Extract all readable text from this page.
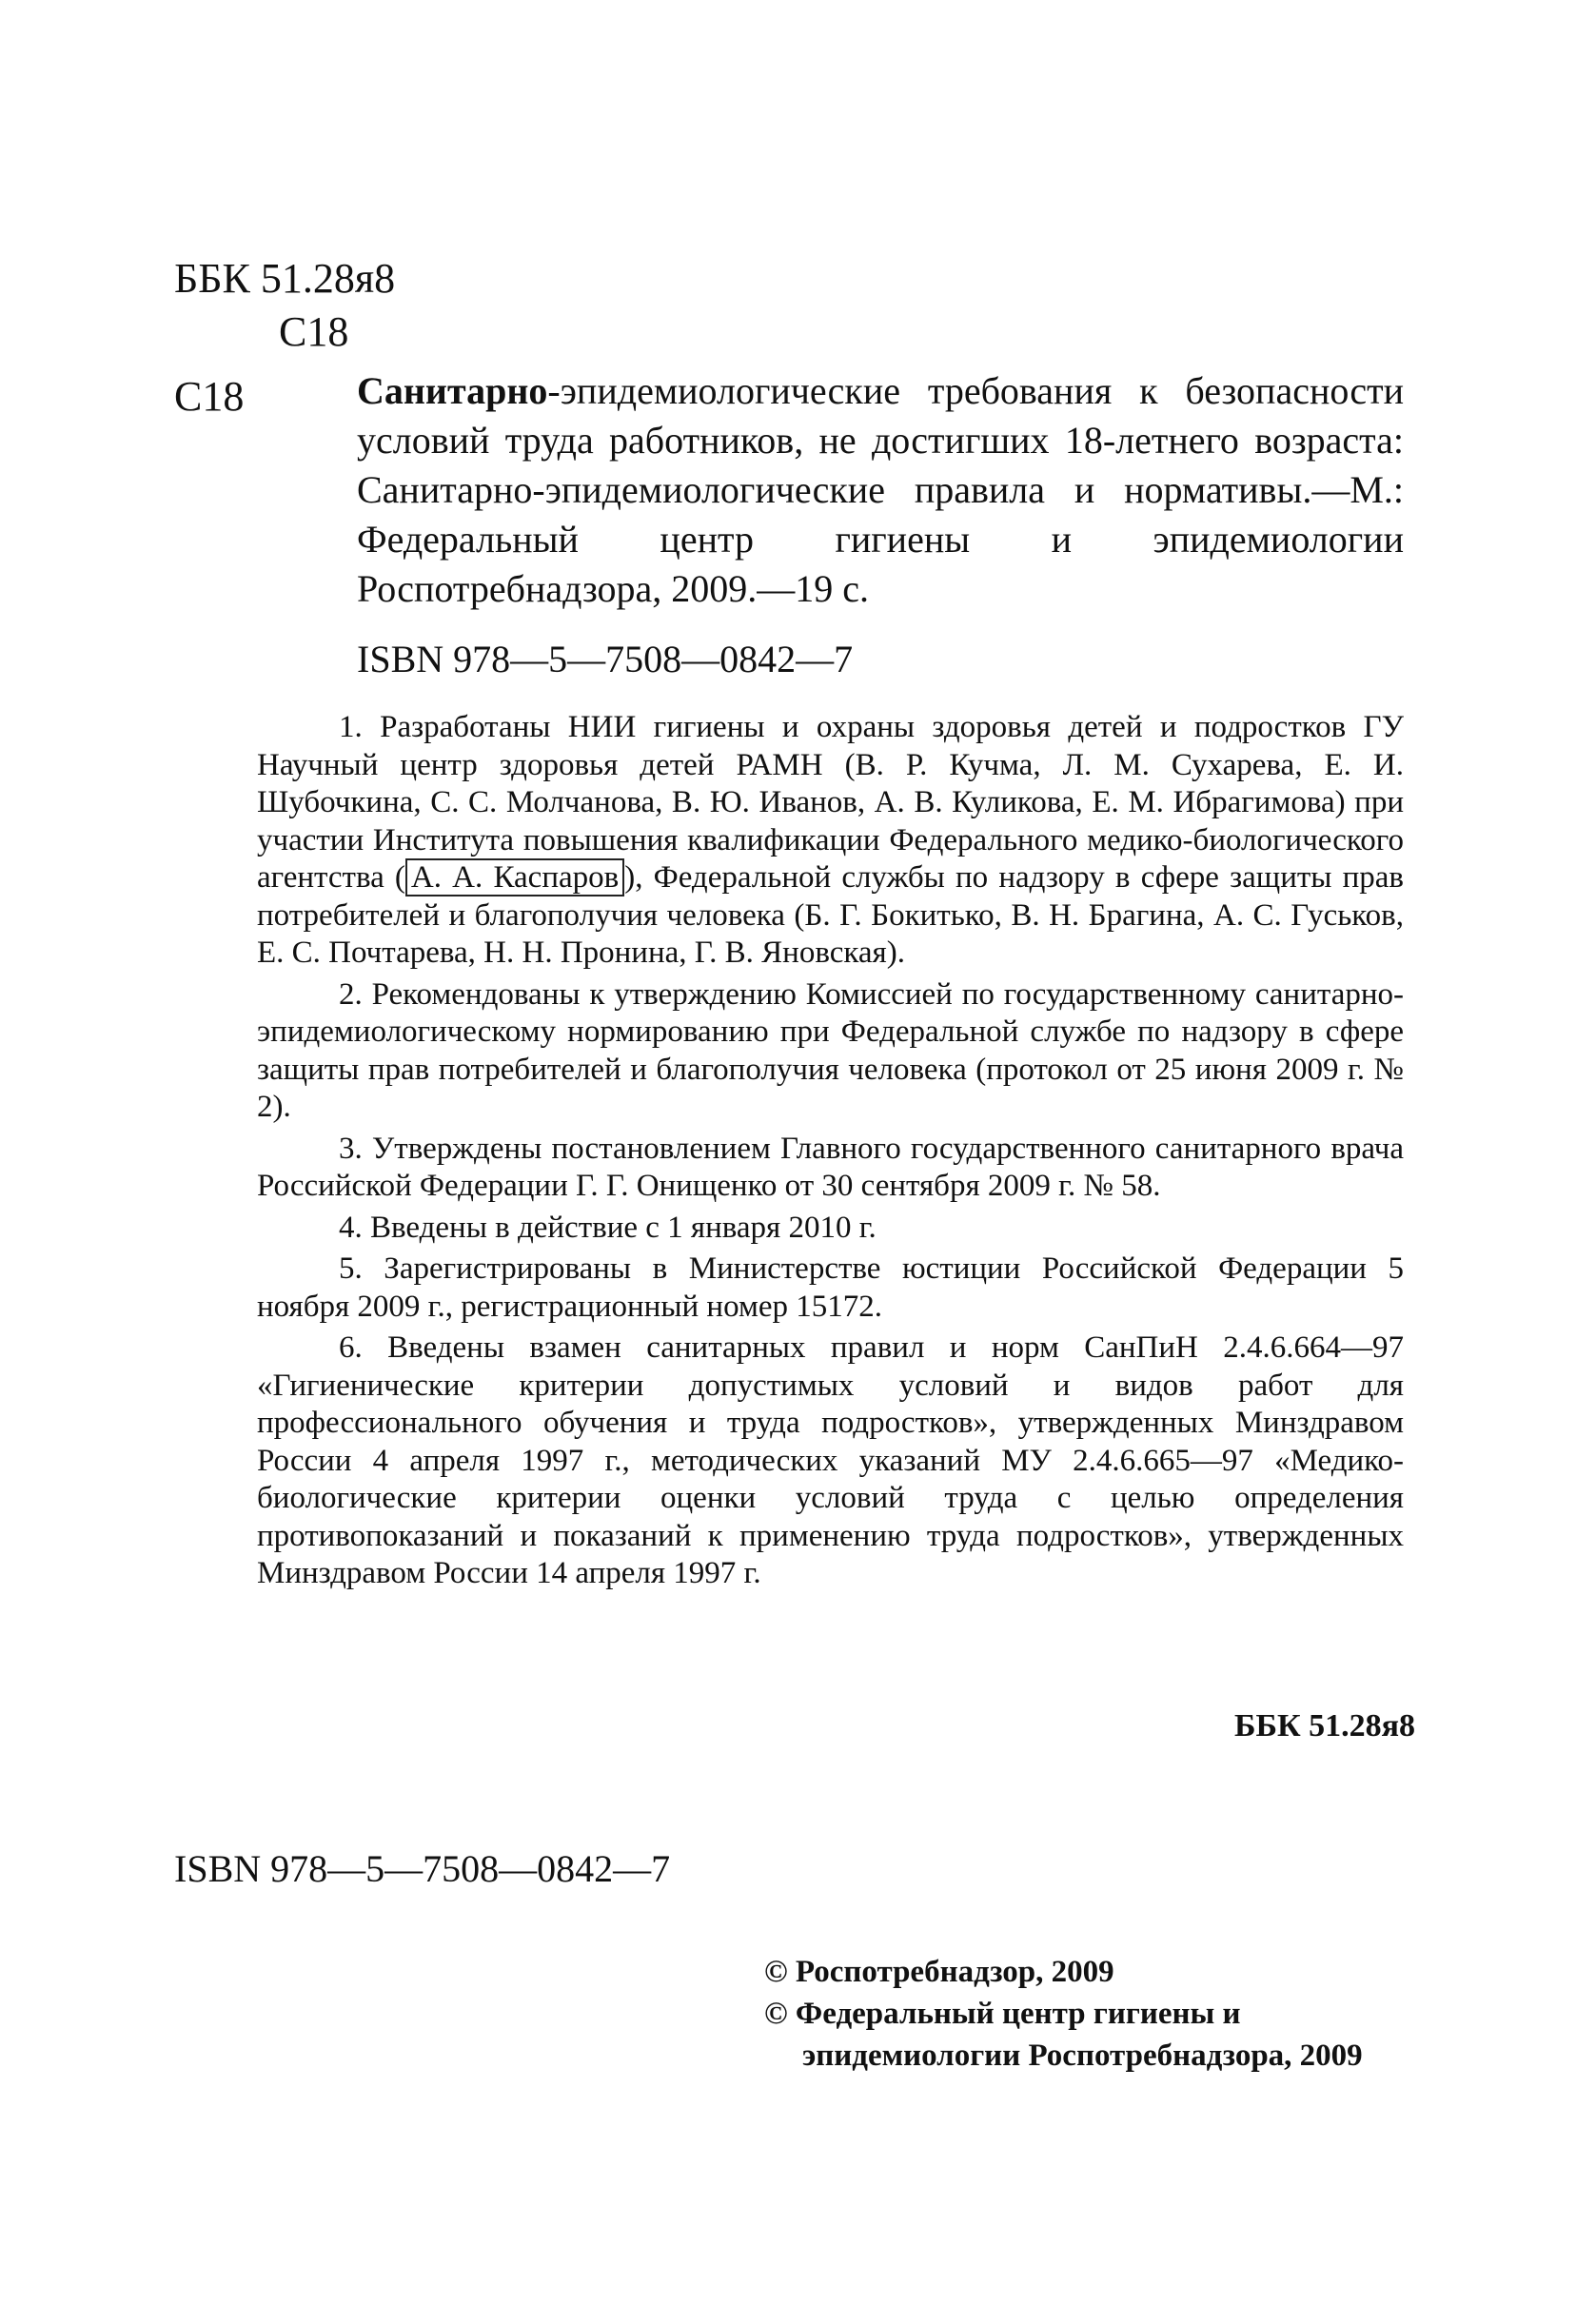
ББК 51.28я8
С18
С18	Санитарно-эпидемиологические требования к безопасности условий труда работников, не достигших 18-летнего возраста: Санитарно-эпидемиологические правила и нормативы.—М.: Федеральный центр гигиены и эпидемиологии Роспотребнадзора, 2009.—19 с.
ISBN 978—5—7508—0842—7

1. Разработаны НИИ гигиены и охраны здоровья детей и подростков ГУ Научный центр здоровья детей РАМН (В. Р. Кучма, Л. М. Сухарева, Е. И. Шубочкина, С. С. Молчанова, В. Ю. Иванов, А. В. Куликова, Е. М. Ибрагимова) при участии Института повышения квалификации Федерального медико-биологического агентства ( А. А. Каспаров ), Федеральной службы по надзору в сфере защиты прав потребителей и благополучия человека (Б. Г. Бокитько, В. Н. Брагина, А. С. Гуськов, Е. С. Почтарева, Н. Н. Пронина, Г. В. Яновская).

2. Рекомендованы к утверждению Комиссией по государственному санитарно-эпидемиологическому нормированию при Федеральной службе по надзору в сфере защиты прав потребителей и благополучия человека (протокол от 25 июня 2009 г. № 2).

3. Утверждены постановлением Главного государственного санитарного врача Российской Федерации Г. Г. Онищенко от 30 сентября 2009 г. № 58.

4. Введены в действие с 1 января 2010 г.

5. Зарегистрированы в Министерстве юстиции Российской Федерации 5 ноября 2009 г., регистрационный номер 15172.

6. Введены взамен санитарных правил и норм СанПиН 2.4.6.664—97 «Гигиенические критерии допустимых условий и видов работ для профессионального обучения и труда подростков», утвержденных Минздравом России 4 апреля 1997 г., методических указаний МУ 2.4.6.665—97 «Медико-биологические критерии оценки условий труда с целью определения противопоказаний и показаний к применению труда подростков», утвержденных Минздравом России 14 апреля 1997 г.

ББК 51.28я8
ISBN 978—5—7508—0842—7
© Роспотребнадзор, 2009
© Федеральный центр гигиены и
эпидемиологии Роспотребнадзора, 2009
